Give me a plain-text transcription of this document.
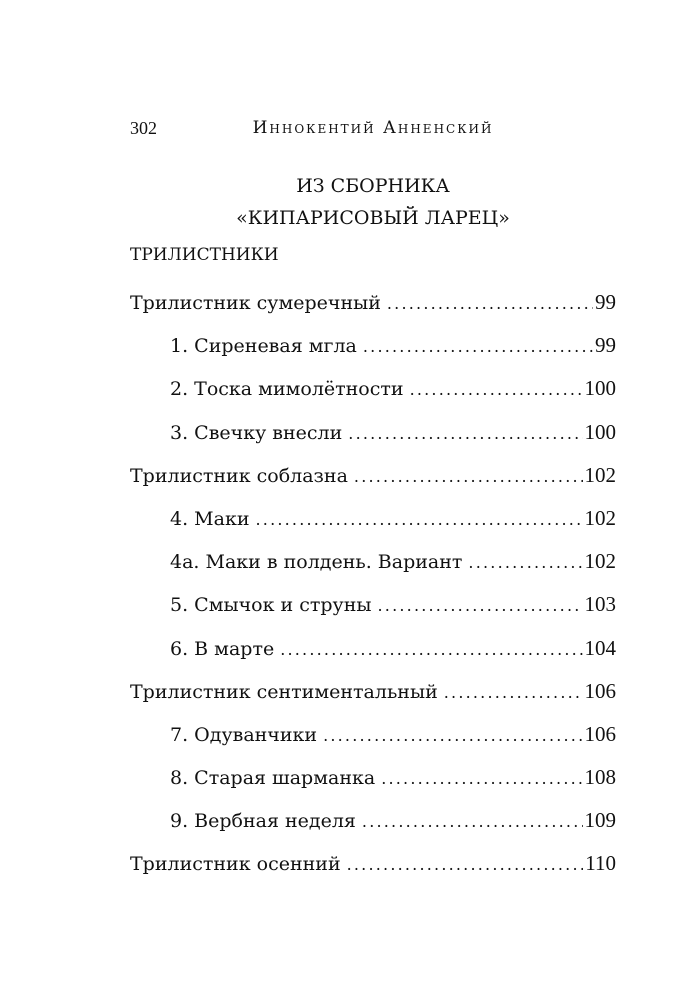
302	Иннокентий Анненский
ИЗ СБОРНИКА
«КИПАРИСОВЫЙ ЛАРЕЦ»
ТРИЛИСТНИКИ
Трилистник сумеречный .....	99
1. Сиреневая мгла .....	99
2. Тоска мимолётности .....	100
3. Свечку внесли .....	100
Трилистник соблазна .....	102
4. Маки .....	102
4а. Маки в полдень. Вариант .....	102
5. Смычок и струны .....	103
6. В марте .....	104
Трилистник сентиментальный .....	106
7. Одуванчики .....	106
8. Старая шарманка .....	108
9. Вербная неделя .....	109
Трилистник осенний .....	110
